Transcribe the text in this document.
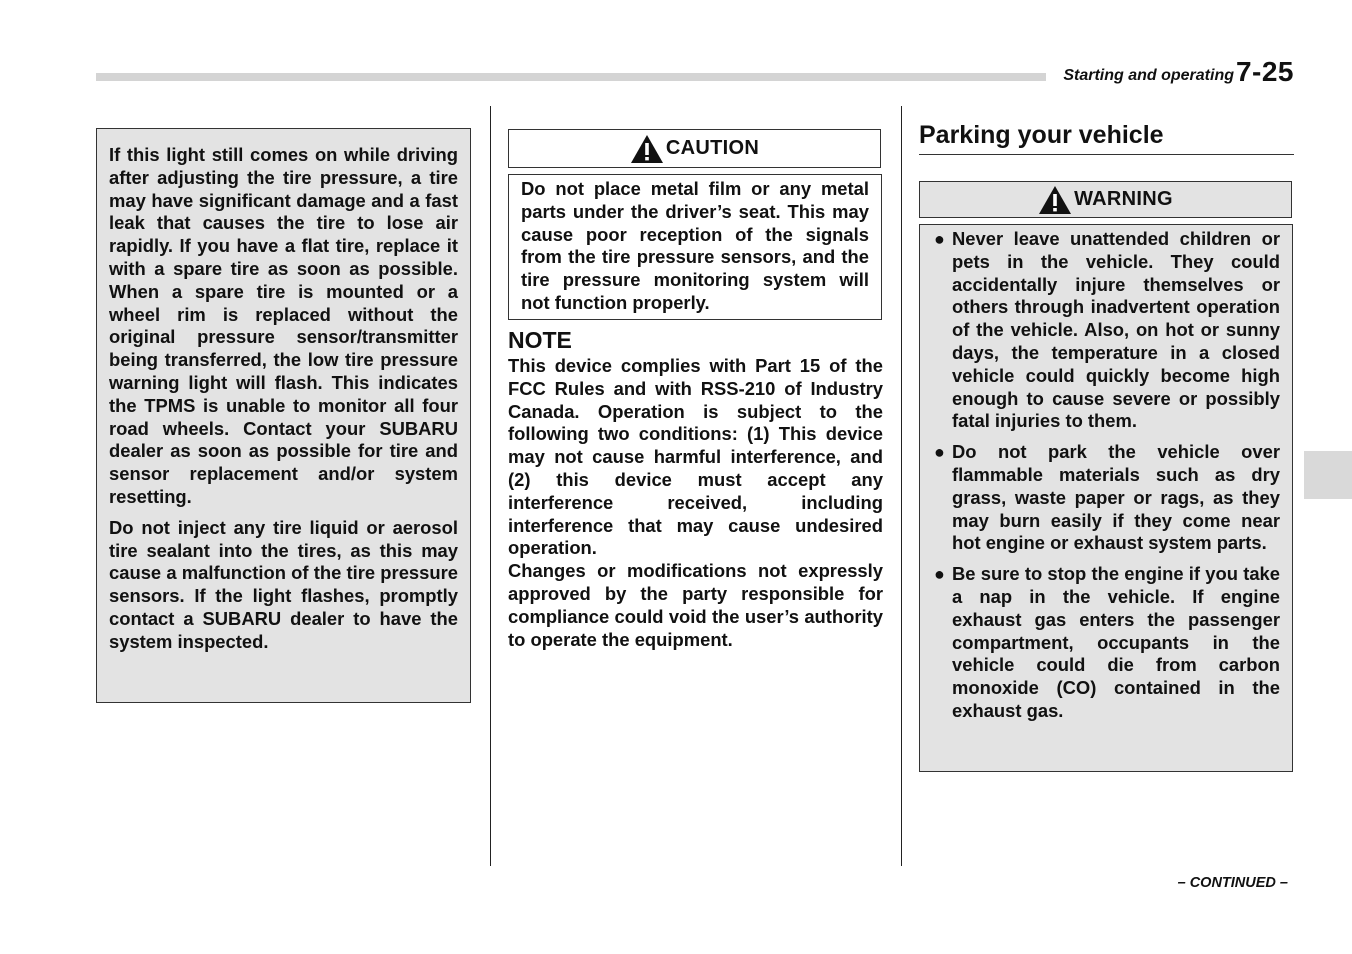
Starting and operating 7-25

If this light still comes on while driving after adjusting the tire pressure, a tire may have significant damage and a fast leak that causes the tire to lose air rapidly. If you have a flat tire, replace it with a spare tire as soon as possible. When a spare tire is mounted or a wheel rim is replaced without the original pressure sensor/transmitter being transferred, the low tire pressure warning light will flash. This indicates the TPMS is unable to monitor all four road wheels. Contact your SUBARU dealer as soon as possible for tire and sensor replacement and/or system resetting.

Do not inject any tire liquid or aerosol tire sealant into the tires, as this may cause a malfunction of the tire pressure sensors. If the light flashes, promptly contact a SUBARU dealer to have the system inspected.

CAUTION

Do not place metal film or any metal parts under the driver’s seat. This may cause poor reception of the signals from the tire pressure sensors, and the tire pressure monitoring system will not function properly.

NOTE

This device complies with Part 15 of the FCC Rules and with RSS-210 of Industry Canada. Operation is subject to the following two conditions: (1) This device may not cause harmful interference, and (2) this device must accept any interference received, including interference that may cause undesired operation.

Changes or modifications not expressly approved by the party responsible for compliance could void the user’s authority to operate the equipment.

Parking your vehicle
WARNING
● Never leave unattended children or pets in the vehicle. They could accidentally injure themselves or others through inadvertent operation of the vehicle. Also, on hot or sunny days, the temperature in a closed vehicle could quickly become high enough to cause severe or possibly fatal injuries to them.

● Do not park the vehicle over flammable materials such as dry grass, waste paper or rags, as they may burn easily if they come near hot engine or exhaust system parts.

● Be sure to stop the engine if you take a nap in the vehicle. If engine exhaust gas enters the passenger compartment, occupants in the vehicle could die from carbon monoxide (CO) contained in the exhaust gas.

– CONTINUED –
